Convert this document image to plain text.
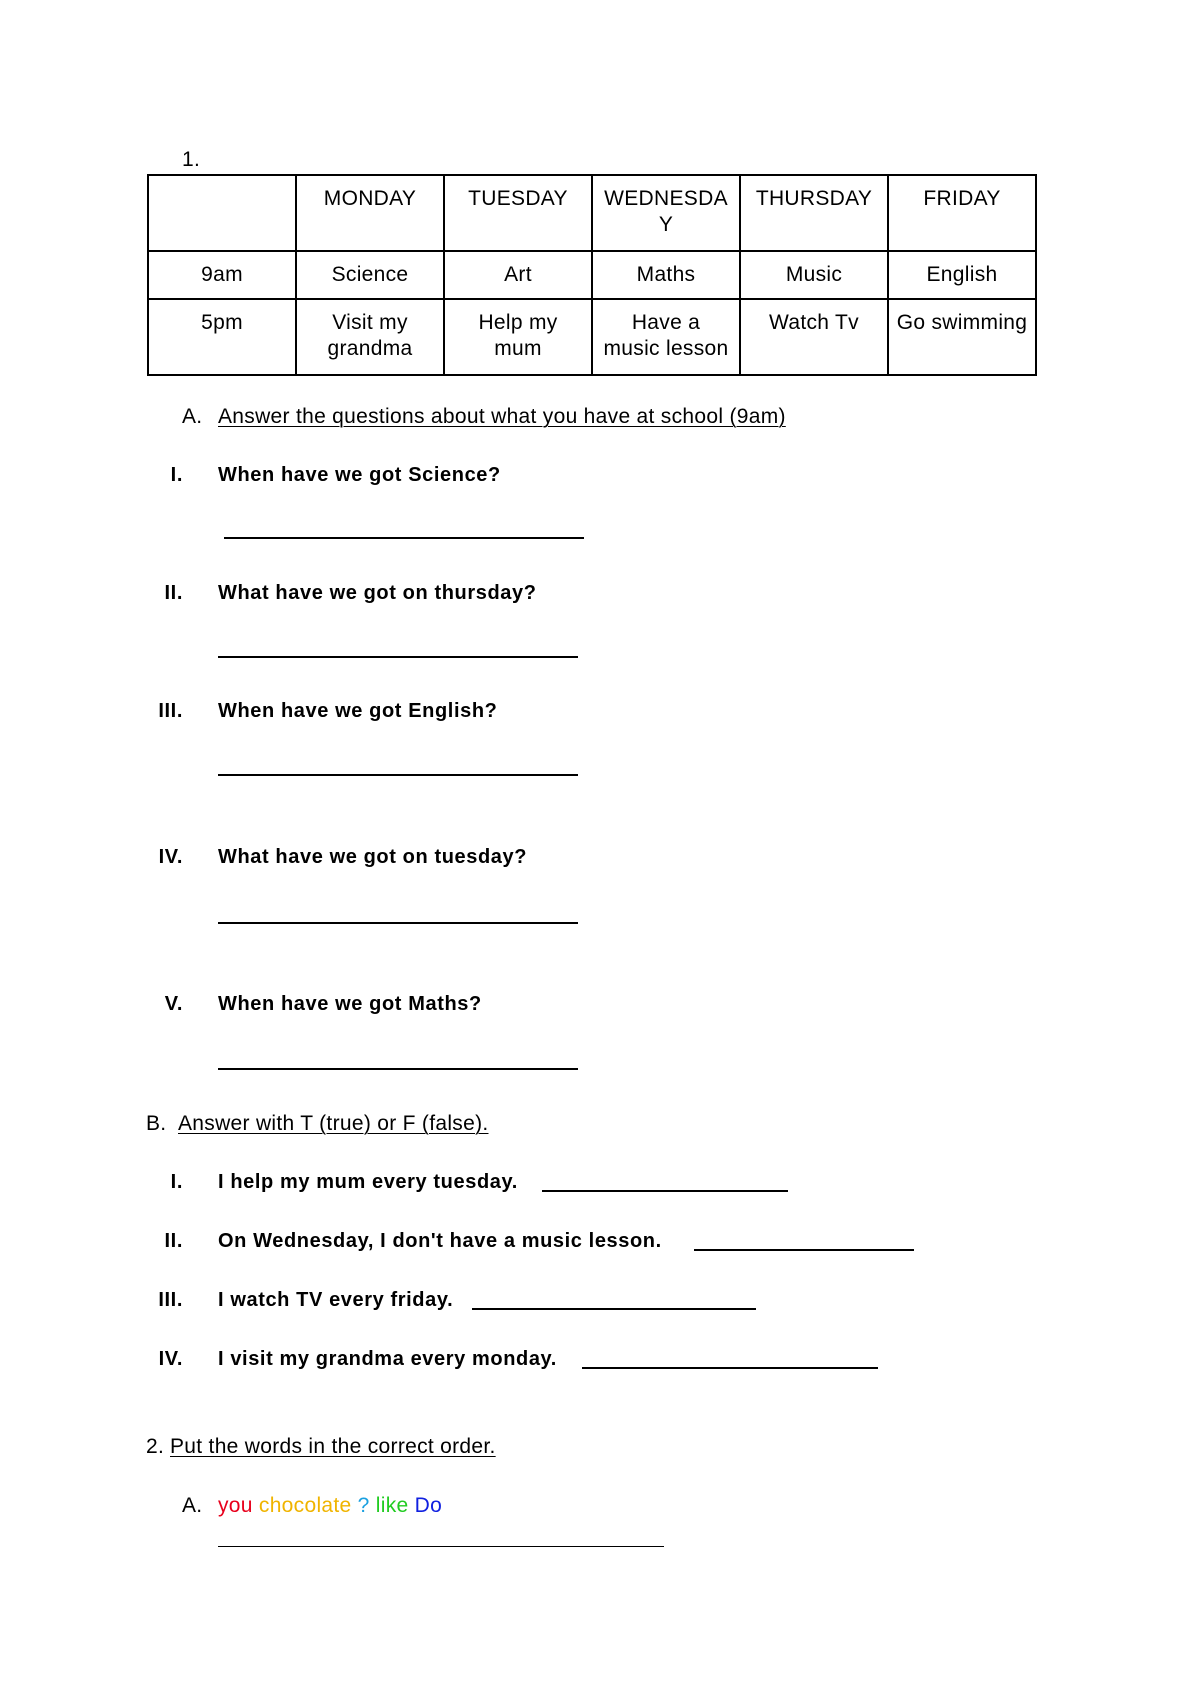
1.
	MONDAY	TUESDAY	WEDNESDA Y	THURSDAY	FRIDAY
9am	Science	Art	Maths	Music	English
5pm	Visit my grandma	Help my mum	Have a music lesson	Watch Tv	Go swimming
A. Answer the questions about what you have at school (9am)
I. When have we got Science?
II. What have we got on thursday?
III. When have we got English?
IV. What have we got on tuesday?
V. When have we got Maths?
B. Answer with T (true) or F (false).
I. I help my mum every tuesday.
II. On Wednesday, I don't have a music lesson.
III. I watch TV every friday.
IV. I visit my grandma every monday.
2. Put the words in the correct order.
A. you chocolate ? like Do
